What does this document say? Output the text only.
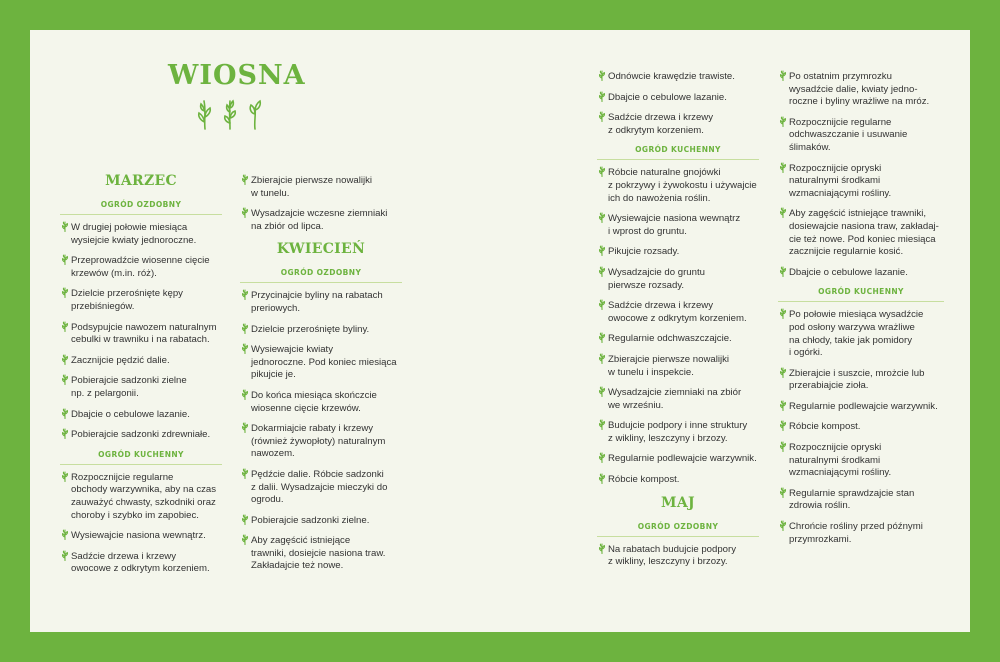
WIOSNA
MARZEC
OGRÓD OZDOBNY
W drugiej połowie miesiąca
wysiejcie kwiaty jednoroczne.
Przeprowadźcie wiosenne cięcie
krzewów (m.in. róż).
Dzielcie przerośnięte kępy
przebiśniegów.
Podsypujcie nawozem naturalnym
cebulki w trawniku i na rabatach.
Zacznijcie pędzić dalie.
Pobierajcie sadzonki zielne
np. z pelargonii.
Dbajcie o cebulowe lazanie.
Pobierajcie sadzonki zdrewniałe.
OGRÓD KUCHENNY
Rozpocznijcie regularne
obchody warzywnika, aby na czas
zauważyć chwasty, szkodniki oraz
choroby i szybko im zapobiec.
Wysiewajcie nasiona wewnątrz.
Sadźcie drzewa i krzewy
owocowe z odkrytym korzeniem.
Zbierajcie pierwsze nowalijki
w tunelu.
Wysadzajcie wczesne ziemniaki
na zbiór od lipca.
KWIECIEŃ
OGRÓD OZDOBNY
Przycinajcie byliny na rabatach
preriowych.
Dzielcie przerośnięte byliny.
Wysiewajcie kwiaty
jednoroczne. Pod koniec miesiąca
pikujcie je.
Do końca miesiąca skończcie
wiosenne cięcie krzewów.
Dokarmiajcie rabaty i krzewy
(również żywopłoty) naturalnym
nawozem.
Pędźcie dalie. Róbcie sadzonki
z dalii. Wysadzajcie mieczyki do
ogrodu.
Pobierajcie sadzonki zielne.
Aby zagęścić istniejące
trawniki, dosiejcie nasiona traw.
Zakładajcie też nowe.
Odnówcie krawędzie trawiste.
Dbajcie o cebulowe lazanie.
Sadźcie drzewa i krzewy
z odkrytym korzeniem.
OGRÓD KUCHENNY
Róbcie naturalne gnojówki
z pokrzywy i żywokostu i używajcie
ich do nawożenia roślin.
Wysiewajcie nasiona wewnątrz
i wprost do gruntu.
Pikujcie rozsady.
Wysadzajcie do gruntu
pierwsze rozsady.
Sadźcie drzewa i krzewy
owocowe z odkrytym korzeniem.
Regularnie odchwaszczajcie.
Zbierajcie pierwsze nowalijki
w tunelu i inspekcie.
Wysadzajcie ziemniaki na zbiór
we wrześniu.
Budujcie podpory i inne struktury
z wikliny, leszczyny i brzozy.
Regularnie podlewajcie warzywnik.
Róbcie kompost.
MAJ
OGRÓD OZDOBNY
Na rabatach budujcie podpory
z wikliny, leszczyny i brzozy.
Po ostatnim przymrozku
wysadźcie dalie, kwiaty jedno-
roczne i byliny wrażliwe na mróz.
Rozpocznijcie regularne
odchwaszczanie i usuwanie
ślimaków.
Rozpocznijcie opryski
naturalnymi środkami
wzmacniającymi rośliny.
Aby zagęścić istniejące trawniki,
dosiewajcie nasiona traw, zakładaj-
cie też nowe. Pod koniec miesiąca
zacznijcie regularnie kosić.
Dbajcie o cebulowe lazanie.
OGRÓD KUCHENNY
Po połowie miesiąca wysadźcie
pod osłony warzywa wrażliwe
na chłody, takie jak pomidory
i ogórki.
Zbierajcie i suszcie, mrożcie lub
przerabiajcie zioła.
Regularnie podlewajcie warzywnik.
Róbcie kompost.
Rozpocznijcie opryski
naturalnymi środkami
wzmacniającymi rośliny.
Regularnie sprawdzajcie stan
zdrowia roślin.
Chrońcie rośliny przed późnymi
przymrozkami.
